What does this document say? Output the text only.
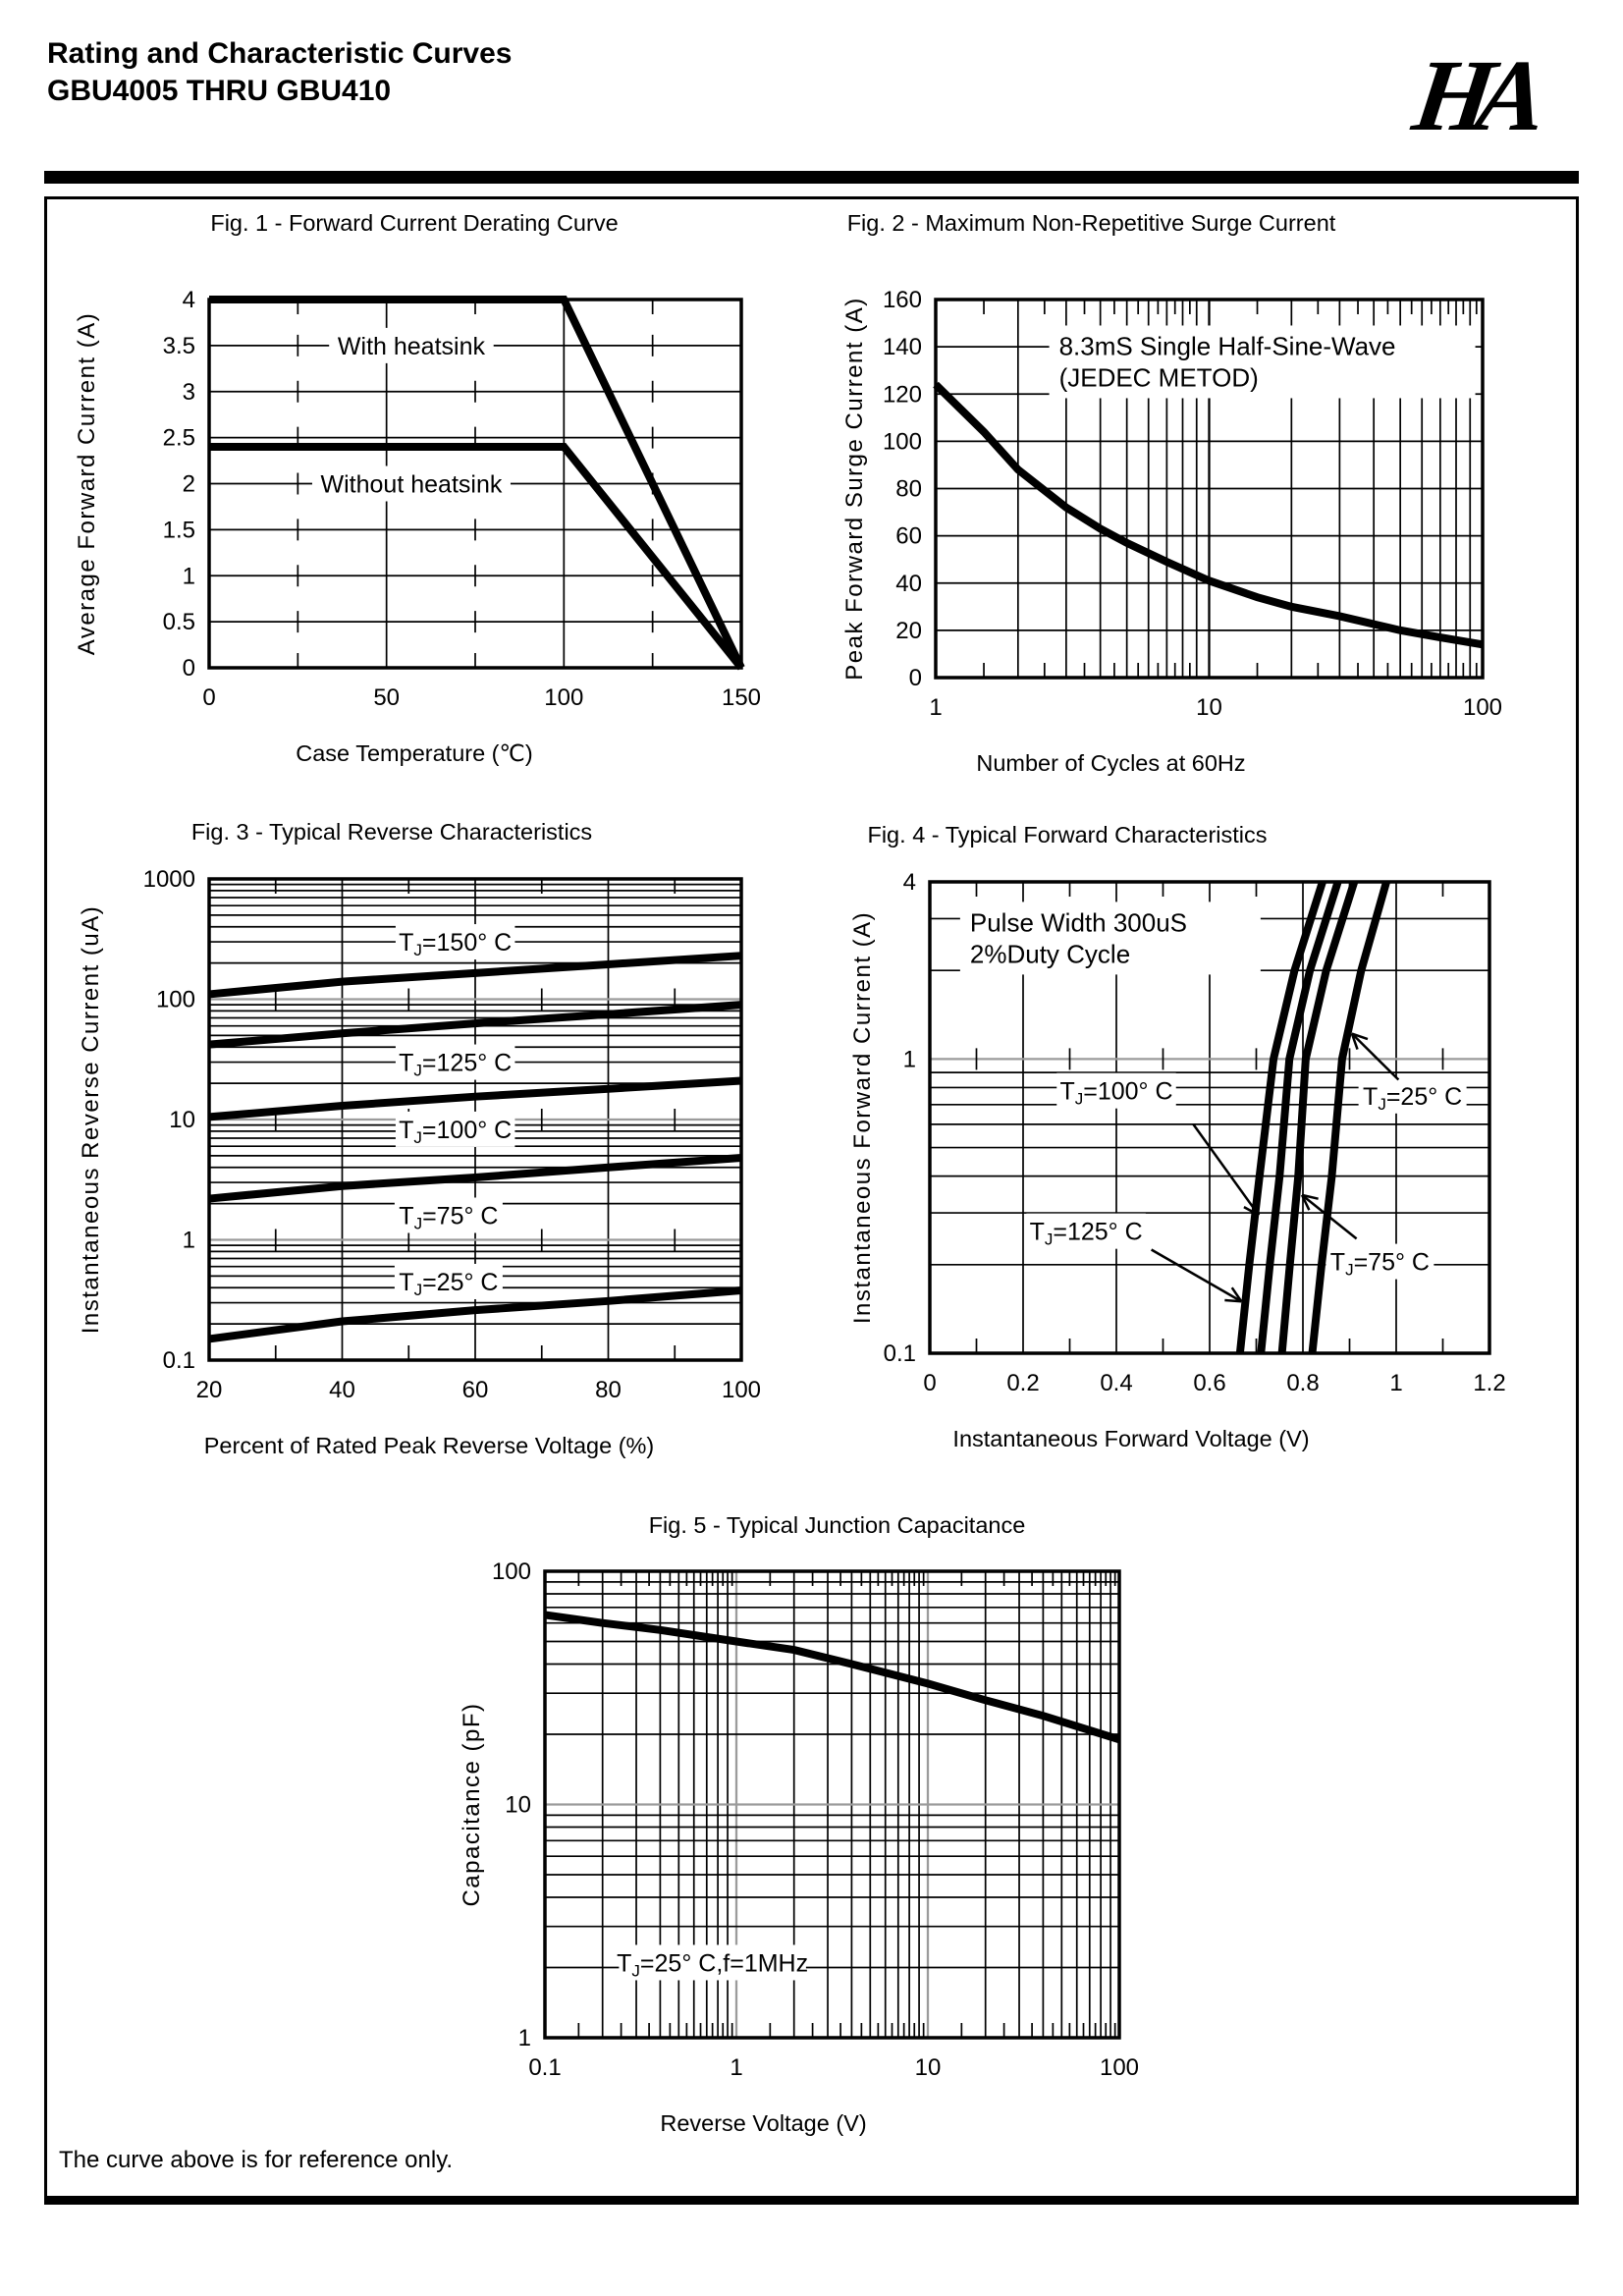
Rating and Characteristic Curves
GBU4005 THRU GBU410	HA
With heatsink
Without heatsink
0	50	100	150
0
0.5
1
1.5
2
2.5
3
3.5
4
Fig. 1 - Forward Current Derating Curve
Case Temperature (℃)
Average Forward Current (A)	8.3mS Single Half-Sine-Wave
(JEDEC METOD)
1	10	100
0
20
40
60
80
100
120
140
160
Fig. 2 - Maximum Non-Repetitive Surge Current
Number of Cycles at 60Hz
Peak Forward Surge Current (A)
$T_J=150^\circ$ C
$T_J=125^\circ$ C
$T_J=100^\circ$ C
$T_J=75^\circ$ C
$T_J=25^\circ$ C
20	40	60	80	100
0.1
1
10
100
1000
Fig. 3 - Typical Reverse Characteristics
Percent of Rated Peak Reverse Voltage (%)
Instantaneous Reverse Current (uA)	Pulse Width 300uS
2%Duty Cycle
$T_J=100^\circ$ C	$T_J=25^\circ$ C
$T_J=125^\circ$ C
$T_J=75^\circ$ C
0	0.2	0.4	0.6	0.8	1	1.2
0.1
1
4
Fig. 4 - Typical Forward Characteristics
Instantaneous Forward Voltage (V)
Instantaneous Forward Current (A)
$T_J=25^\circ$ C,f=1MHz
0.1	1	10	100
1
10
100
Fig. 5 - Typical Junction Capacitance
Reverse Voltage (V)
Capacitance (pF)
The curve above is for reference only.
